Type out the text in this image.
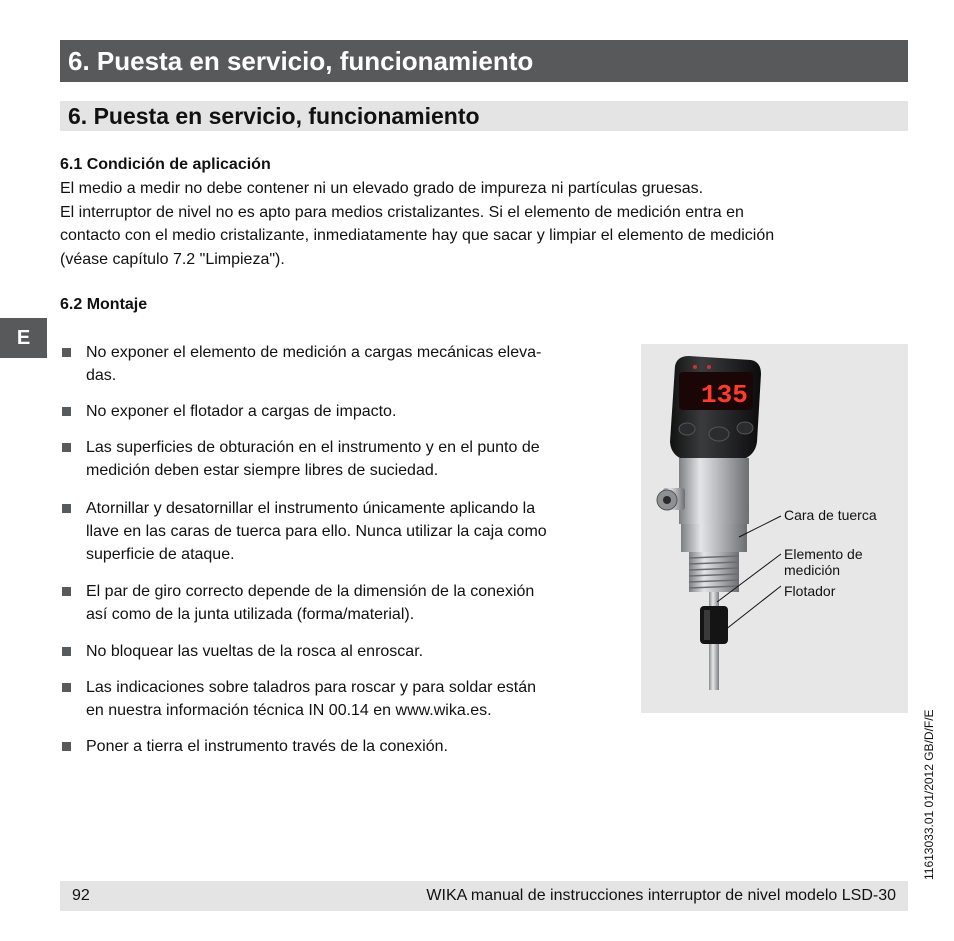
6. Puesta en servicio, funcionamiento
6. Puesta en servicio, funcionamiento
E
6.1 Condición de aplicación

El medio a medir no debe contener ni un elevado grado de impureza ni partículas gruesas.

El interruptor de nivel no es apto para medios cristalizantes. Si el elemento de medición entra en

contacto con el medio cristalizante, inmediatamente hay que sacar y limpiar el elemento de medición

(véase capítulo 7.2 "Limpieza").

6.2 Montaje
No exponer el elemento de medición a cargas mecánicas eleva-
das.
No exponer el flotador a cargas de impacto.
Las superficies de obturación en el instrumento y en el punto de
medición deben estar siempre libres de suciedad.
Atornillar y desatornillar el instrumento únicamente aplicando la
llave en las caras de tuerca para ello. Nunca utilizar la caja como
superficie de ataque.
El par de giro correcto depende de la dimensión de la conexión
así como de la junta utilizada (forma/material).
No bloquear las vueltas de la rosca al enroscar.
Las indicaciones sobre taladros para roscar y para soldar están
en nuestra información técnica IN 00.14 en www.wika.es.
Poner a tierra el instrumento través de la conexión.
135
Cara de tuerca
Elemento de
medición
Flotador
11613033.01 01/2012 GB/D/F/E
92	WIKA manual de instrucciones interruptor de nivel modelo LSD-30
